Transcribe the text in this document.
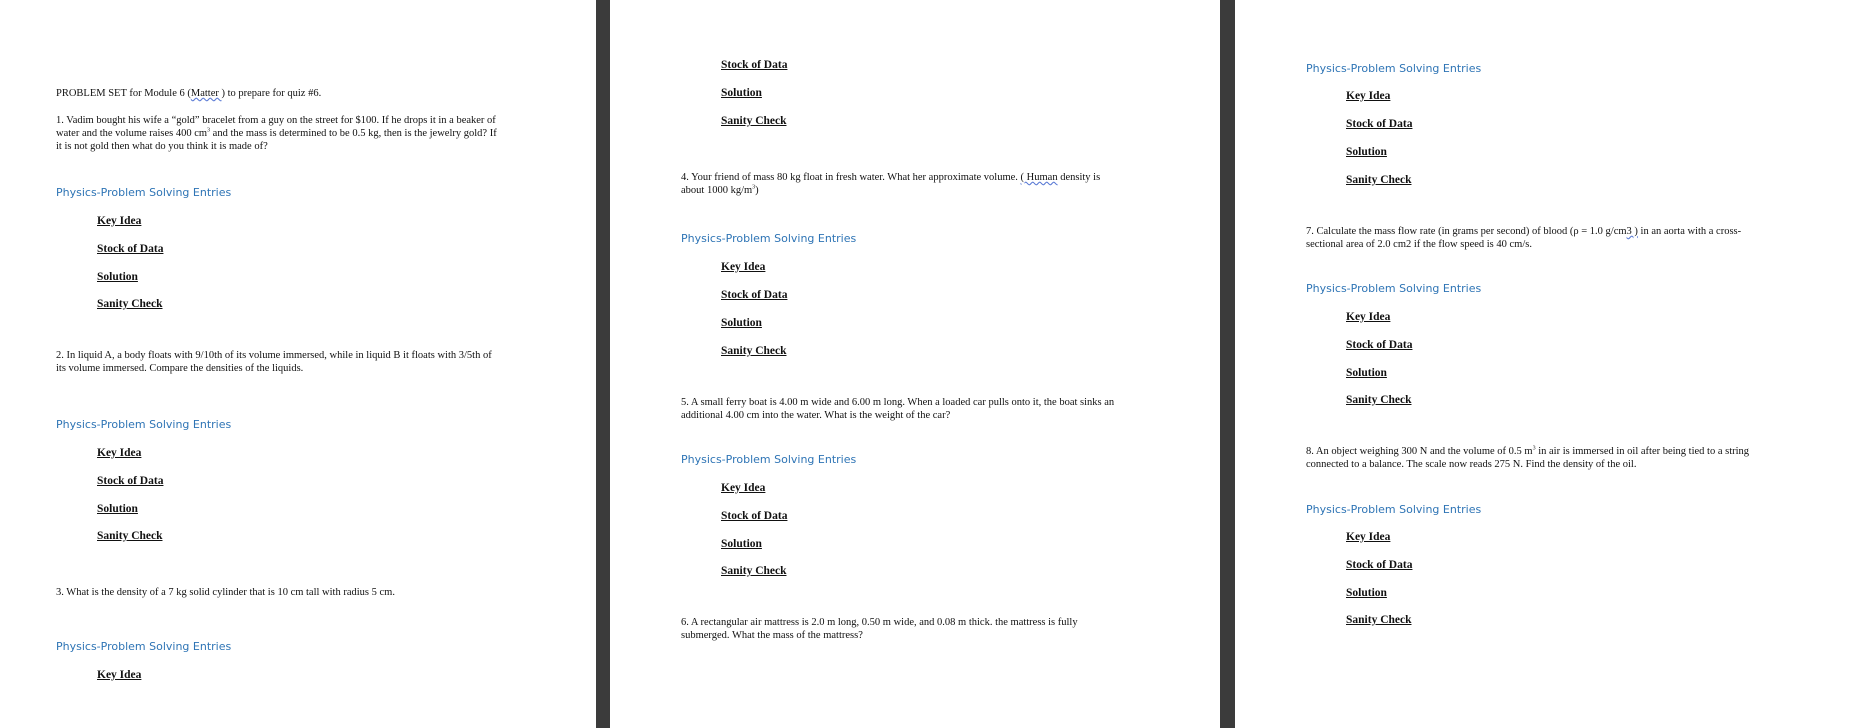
PROBLEM SET for Module 6 (Matter ) to prepare for quiz #6.
1. Vadim bought his wife a “gold” bracelet from a guy on the street for $100. If he drops it in a beaker of
water and the volume raises 400 $cm^3$ and the mass is determined to be 0.5 kg, then is the jewelry gold? If
it is not gold then what do you think it is made of?
Physics-Problem Solving Entries
Key Idea
Stock of Data
Solution
Sanity Check
2. In liquid A, a body floats with 9/10th of its volume immersed, while in liquid B it floats with 3/5th of
its volume immersed. Compare the densities of the liquids.
Physics-Problem Solving Entries
Key Idea
Stock of Data
Solution
Sanity Check
3. What is the density of a 7 kg solid cylinder that is 10 cm tall with radius 5 cm.
Physics-Problem Solving Entries
Key Idea
Stock of Data
Solution
Sanity Check
4. Your friend of mass 80 kg float in fresh water. What her approximate volume. ( Human density is
about 1000 $kg/m^3$)
Physics-Problem Solving Entries
Key Idea
Stock of Data
Solution
Sanity Check
5. A small ferry boat is 4.00 m wide and 6.00 m long. When a loaded car pulls onto it, the boat sinks an
additional 4.00 cm into the water. What is the weight of the car?
Physics-Problem Solving Entries
Key Idea
Stock of Data
Solution
Sanity Check
6. A rectangular air mattress is 2.0 m long, 0.50 m wide, and 0.08 m thick. the mattress is fully
submerged. What the mass of the mattress?
Physics-Problem Solving Entries
Key Idea
Stock of Data
Solution
Sanity Check
7. Calculate the mass flow rate (in grams per second) of blood (ρ = 1.0 g/cm3 ) in an aorta with a cross-
sectional area of 2.0 cm2 if the flow speed is 40 cm/s.
Physics-Problem Solving Entries
Key Idea
Stock of Data
Solution
Sanity Check
8. An object weighing 300 N and the volume of 0.5 $m^3$ in air is immersed in oil after being tied to a string
connected to a balance. The scale now reads 275 N. Find the density of the oil.
Physics-Problem Solving Entries
Key Idea
Stock of Data
Solution
Sanity Check
